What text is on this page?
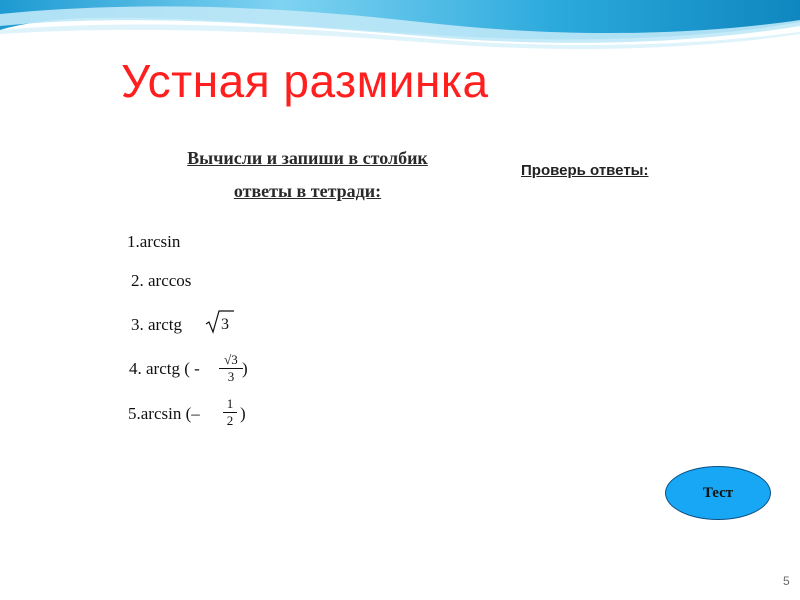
Устная разминка
Вычисли и запиши в столбик
ответы в тетради:
Проверь ответы:
1.arcsin
2. arccos
3. arctg 3
4. arctg ( -	√3
3 )
5.arcsin (–
1
2 )
Тест
5
